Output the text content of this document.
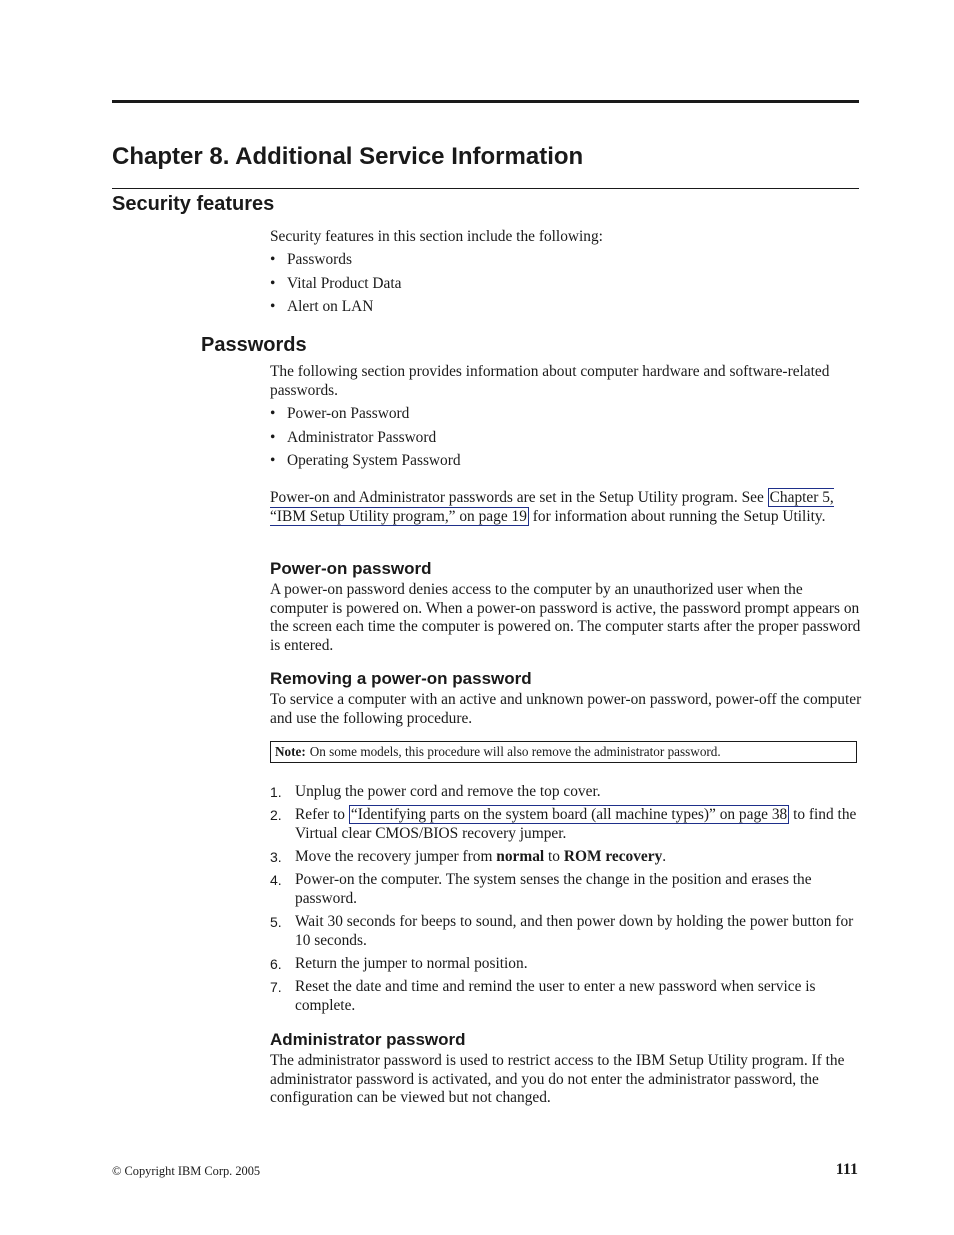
Chapter 8. Additional Service Information
Security features

Security features in this section include the following:

• Passwords
• Vital Product Data
• Alert on LAN
Passwords

The following section provides information about computer hardware and software-related passwords.

• Power-on Password
• Administrator Password
• Operating System Password

Power-on and Administrator passwords are set in the Setup Utility program. See Chapter 5, “IBM Setup Utility program,” on page 19 for information about running the Setup Utility.

Power-on password

A power-on password denies access to the computer by an unauthorized user when the computer is powered on. When a power-on password is active, the password prompt appears on the screen each time the computer is powered on. The computer starts after the proper password is entered.

Removing a power-on password

To service a computer with an active and unknown power-on password, power-off the computer and use the following procedure.

Note: On some models, this procedure will also remove the administrator password.
1. Unplug the power cord and remove the top cover.
2. Refer to “Identifying parts on the system board (all machine types)” on page 38 to find the Virtual clear CMOS/BIOS recovery jumper.
3. Move the recovery jumper from normal to ROM recovery.
4. Power-on the computer. The system senses the change in the position and erases the password.
5. Wait 30 seconds for beeps to sound, and then power down by holding the power button for 10 seconds.
6. Return the jumper to normal position.
7. Reset the date and time and remind the user to enter a new password when service is complete.
Administrator password

The administrator password is used to restrict access to the IBM Setup Utility program. If the administrator password is activated, and you do not enter the administrator password, the configuration can be viewed but not changed.

© Copyright IBM Corp. 2005	111
